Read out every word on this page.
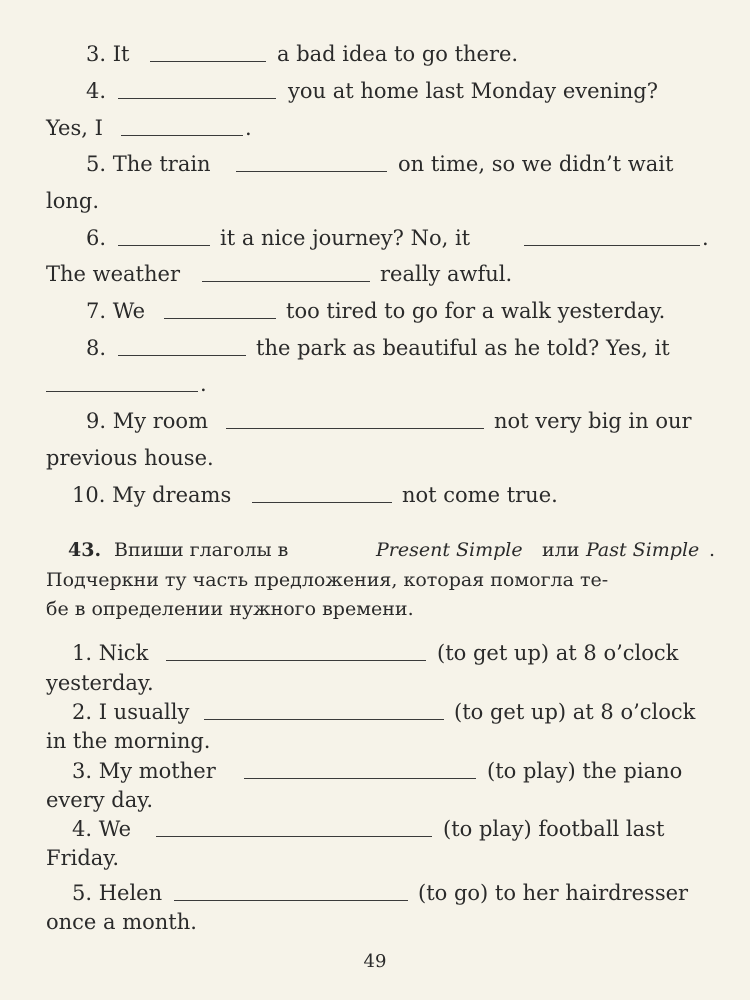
3. It	a bad idea to go there.
4.	you at home last Monday evening?
Yes, I	.
5. The train	on time, so we didn’t wait
long.
6.	it a nice journey? No, it	.
The weather	really awful.
7. We	too tired to go for a walk yesterday.
8.	the park as beautiful as he told? Yes, it
.
9. My room	not very big in our
previous house.
10. My dreams	not come true.
43. Впиши глаголы в	Present Simple или Past Simple .
Подчеркни ту часть предложения, которая помогла те-
бе в определении нужного времени.
1. Nick	(to get up) at 8 o’clock
yesterday.
2. I usually	(to get up) at 8 o’clock
in the morning.
3. My mother	(to play) the piano
every day.
4. We	(to play) football last
Friday.
5. Helen	(to go) to her hairdresser
once a month.
49
